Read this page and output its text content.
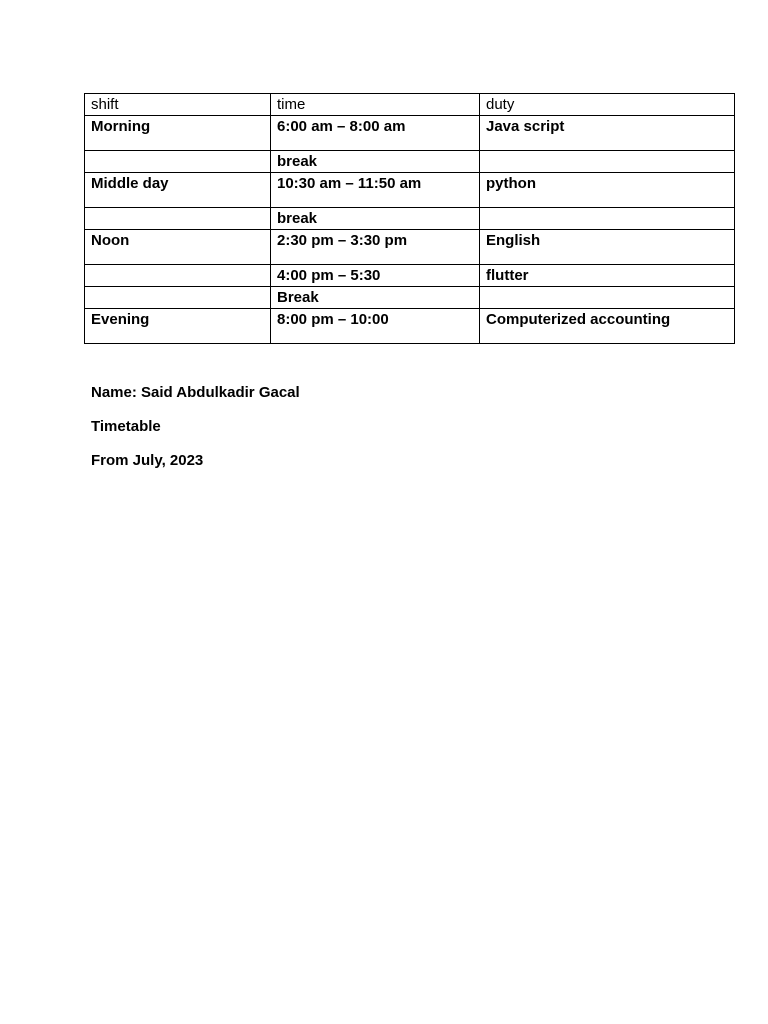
shift	time	duty
Morning	6:00 am – 8:00 am	Java script
	break	
Middle day	10:30 am – 11:50 am	python
	break	
Noon	2:30 pm – 3:30 pm	English
	4:00 pm – 5:30	flutter
	Break	
Evening	8:00 pm – 10:00	Computerized accounting

Name: Said Abdulkadir Gacal

Timetable

From July, 2023
